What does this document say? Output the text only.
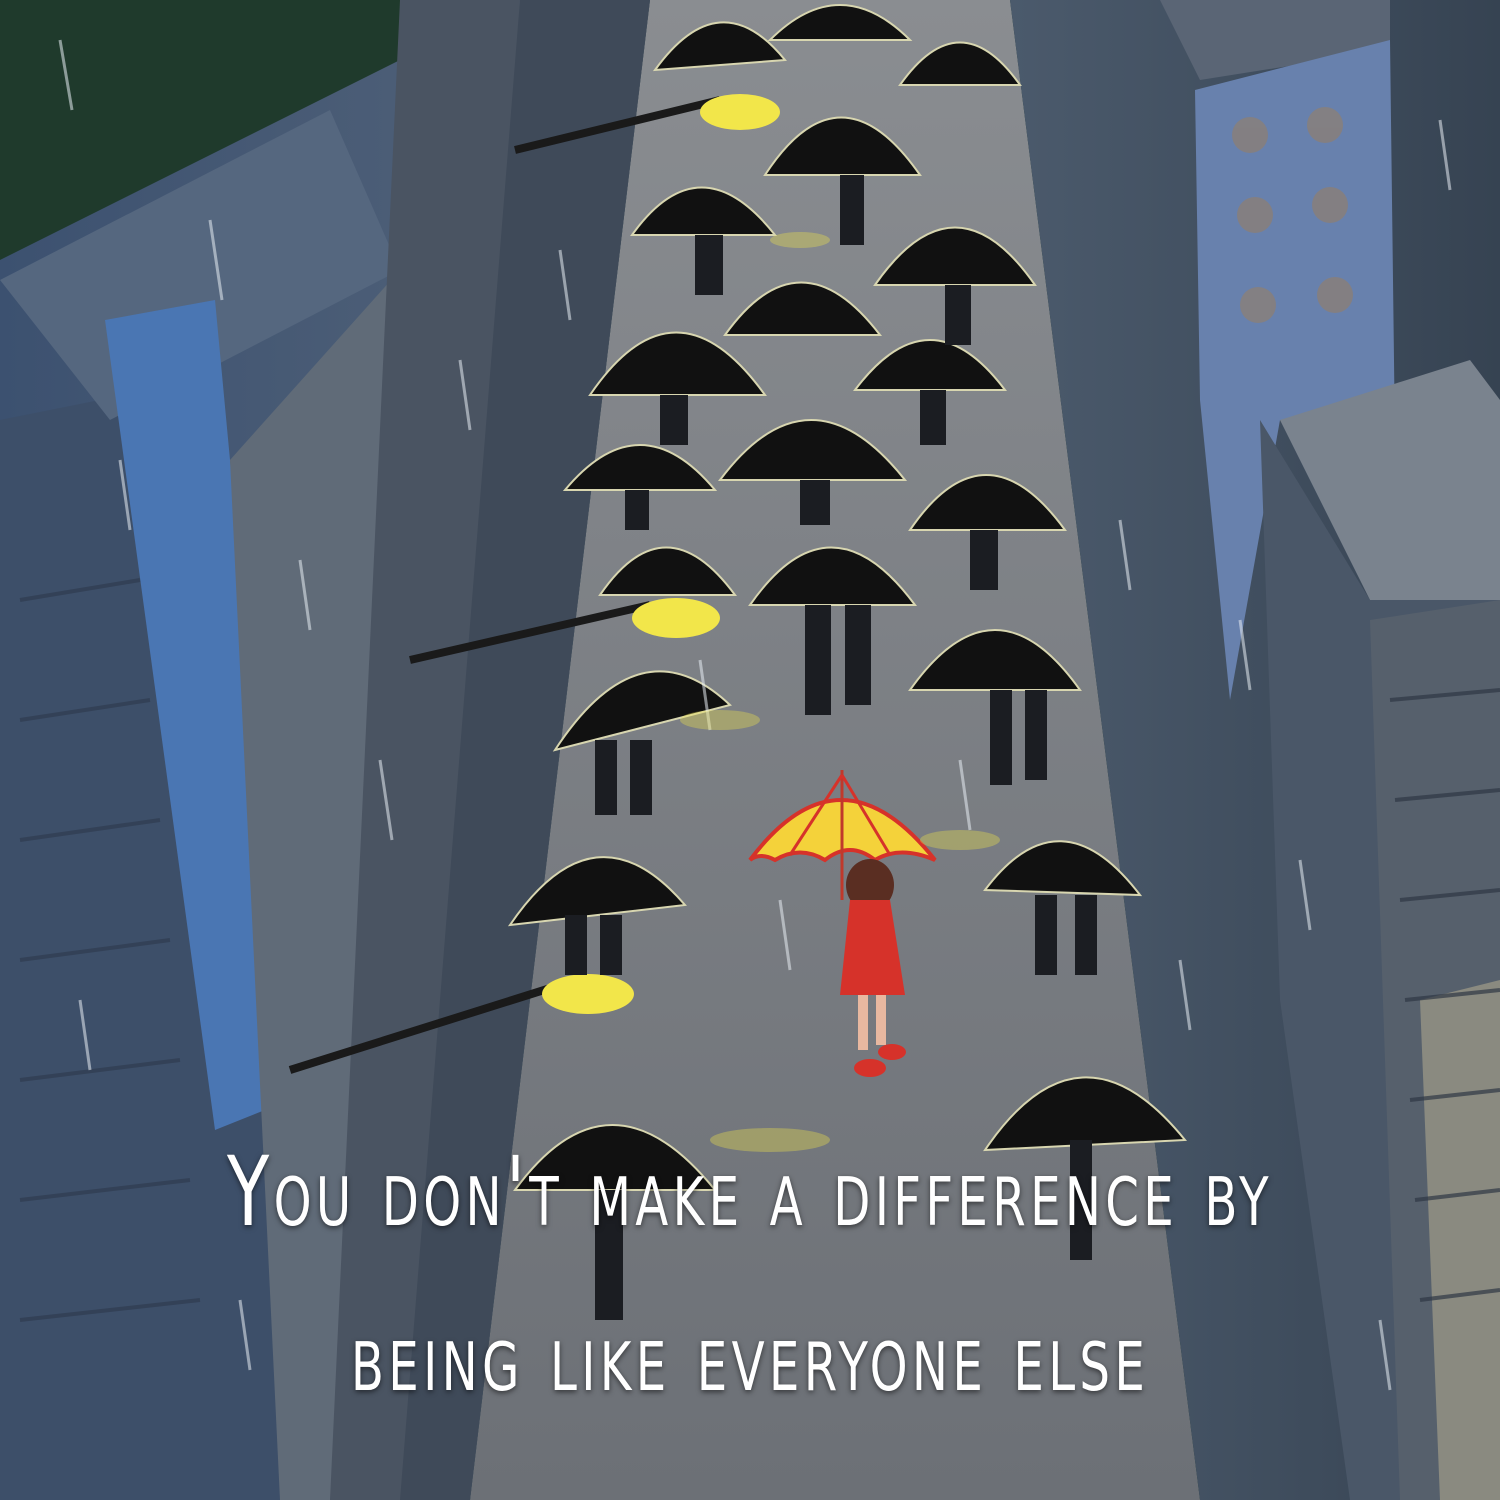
You don't make a difference by
being like everyone else
